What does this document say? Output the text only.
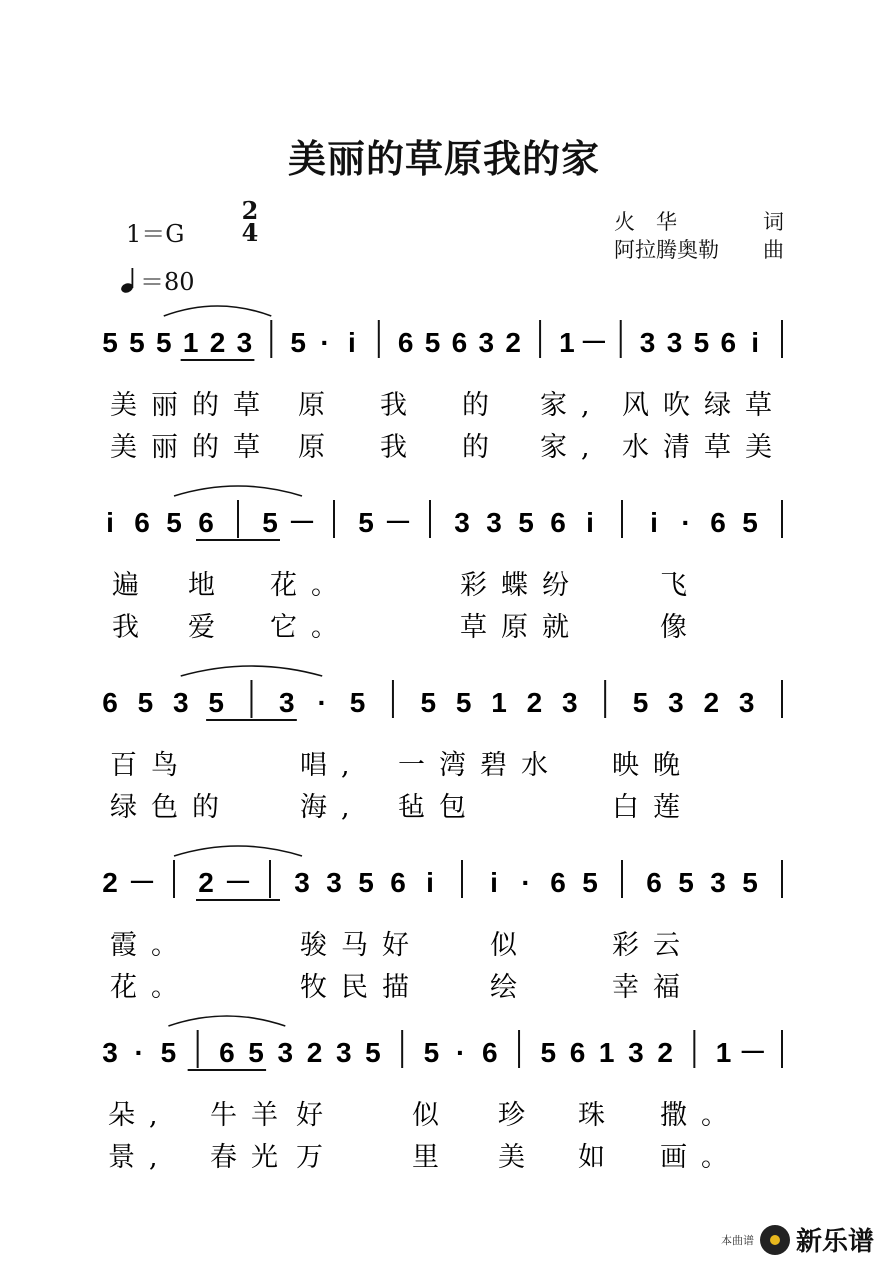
美丽的草原我的家
1＝G
2
4
＝80
火　华	词
阿拉腾奥勒 曲
5 5 5 1 2 3 5 · i 6 5 6 3 2 1 － 3 3 5 6 i
美丽的草 原 我 的 家, 风吹绿草
美丽的草 原 我 的 家, 水清草美
i 6 5 6 5 － 5 － 3 3 5 6 i i · 6 5
遍 地 花。	彩蝶纷	飞
我 爱 它。	草原就	像
6 5 3 5 3 · 5 5 5 1 2 3 5 3 2 3
百鸟	唱, 一湾碧水 映晚
绿色的 海, 毡包	白莲
2 － 2 － 3 3 5 6 i i · 6 5 6 5 3 5
霞。	骏马好 似	彩云
花。	牧民描 绘	幸福
3 · 5 6 5 3 2 3 5 5 · 6 5 6 1 3 2 1 －
朵, 牛羊 好	似 珍 珠 撒。
景, 春光 万	里 美 如 画。
本曲谱 新乐谱
